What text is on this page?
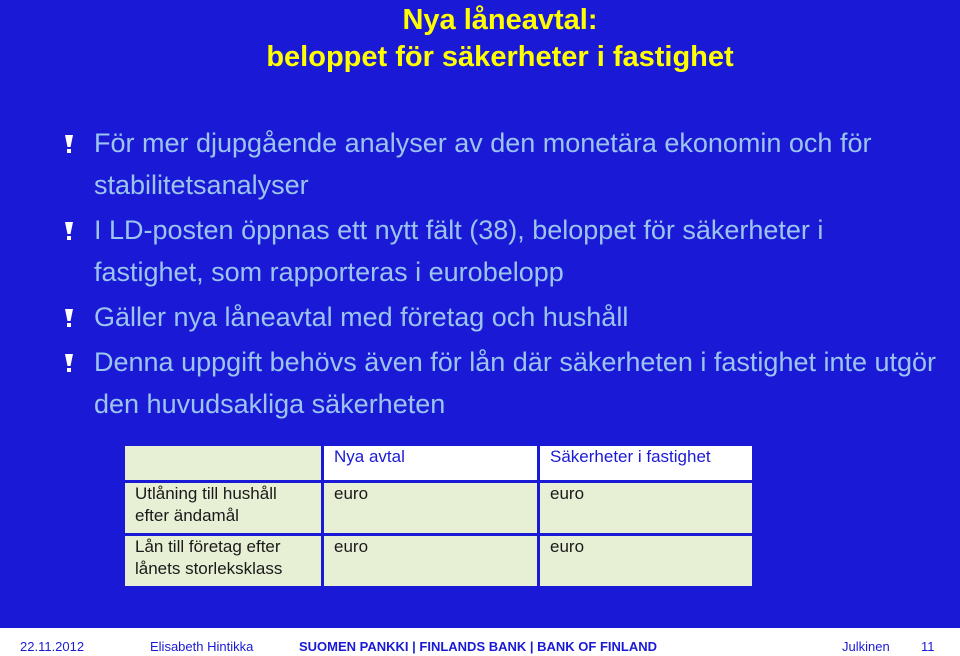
Nya låneavtal:
beloppet för säkerheter i fastighet
För mer djupgående analyser av den monetära ekonomin och för stabilitetsanalyser
I LD-posten öppnas ett nytt fält (38), beloppet för säkerheter i fastighet, som rapporteras i eurobelopp
Gäller nya låneavtal med företag och hushåll
Denna uppgift behövs även för lån där säkerheten i fastighet inte utgör den huvudsakliga säkerheten
	Nya avtal	Säkerheter i fastighet
Utlåning till hushåll efter ändamål	euro	euro
Lån till företag efter lånets storleksklass	euro	euro
22.11.2012	Elisabeth Hintikka	SUOMEN PANKKI | FINLANDS BANK | BANK OF FINLAND	Julkinen 11
